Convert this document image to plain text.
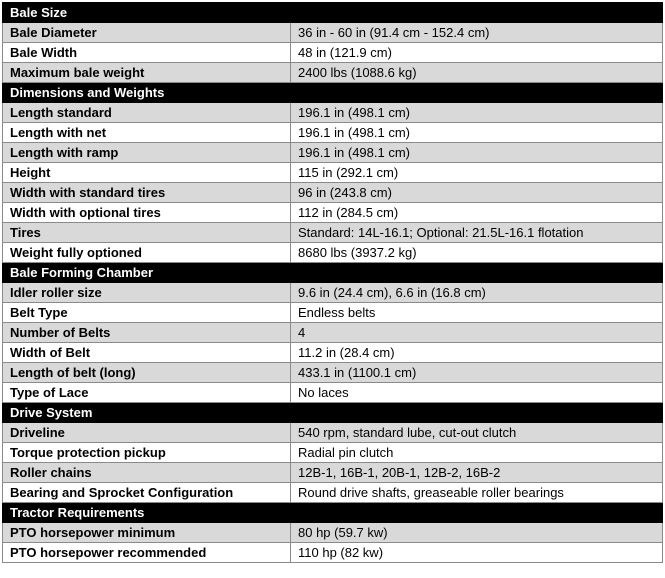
Bale Size	
Bale Diameter	36 in - 60 in (91.4 cm - 152.4 cm)
Bale Width	48 in (121.9 cm)
Maximum bale weight	2400 lbs (1088.6 kg)
Dimensions and Weights	
Length standard	196.1 in (498.1 cm)
Length with net	196.1 in (498.1 cm)
Length with ramp	196.1 in (498.1 cm)
Height	115 in (292.1 cm)
Width with standard tires	96 in (243.8 cm)
Width with optional tires	112 in (284.5 cm)
Tires	Standard: 14L-16.1; Optional: 21.5L-16.1 flotation
Weight fully optioned	8680 lbs (3937.2 kg)
Bale Forming Chamber	
Idler roller size	9.6 in (24.4 cm), 6.6 in (16.8 cm)
Belt Type	Endless belts
Number of Belts	4
Width of Belt	11.2 in (28.4 cm)
Length of belt (long)	433.1 in (1100.1 cm)
Type of Lace	No laces
Drive System	
Driveline	540 rpm, standard lube, cut-out clutch
Torque protection pickup	Radial pin clutch
Roller chains	12B-1, 16B-1, 20B-1, 12B-2, 16B-2
Bearing and Sprocket Configuration	Round drive shafts, greaseable roller bearings
Tractor Requirements	
PTO horsepower minimum	80 hp (59.7 kw)
PTO horsepower recommended	110 hp (82 kw)
